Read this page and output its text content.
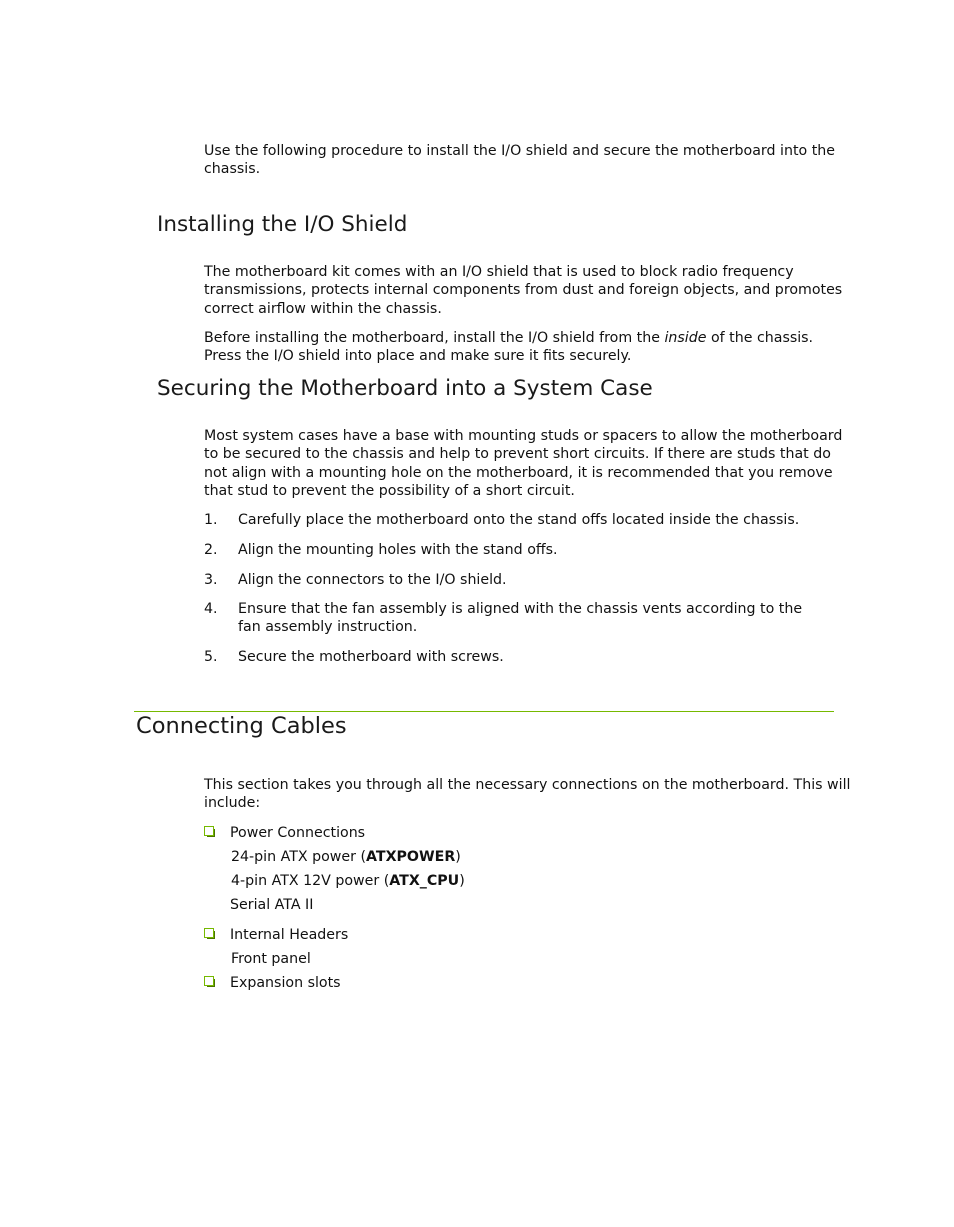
Use the following procedure to install the I/O shield and secure the motherboard into the chassis.

Installing the I/O Shield

The motherboard kit comes with an I/O shield that is used to block radio frequency transmissions, protects internal components from dust and foreign objects, and promotes correct airflow within the chassis.

Before installing the motherboard, install the I/O shield from the inside of the chassis. Press the I/O shield into place and make sure it fits securely.

Securing the Motherboard into a System Case

Most system cases have a base with mounting studs or spacers to allow the motherboard to be secured to the chassis and help to prevent short circuits. If there are studs that do not align with a mounting hole on the motherboard, it is recommended that you remove that stud to prevent the possibility of a short circuit.

1.	Carefully place the motherboard onto the stand offs located inside the chassis.
2.	Align the mounting holes with the stand offs.
3.	Align the connectors to the I/O shield.
4.	Ensure that the fan assembly is aligned with the chassis vents according to the fan assembly instruction.
5.	Secure the motherboard with screws.
Connecting Cables

This section takes you through all the necessary connections on the motherboard. This will include:

Power Connections
24-pin ATX power (ATXPOWER)
4-pin ATX 12V power (ATX_CPU)
Serial ATA II
Internal Headers
Front panel
Expansion slots
